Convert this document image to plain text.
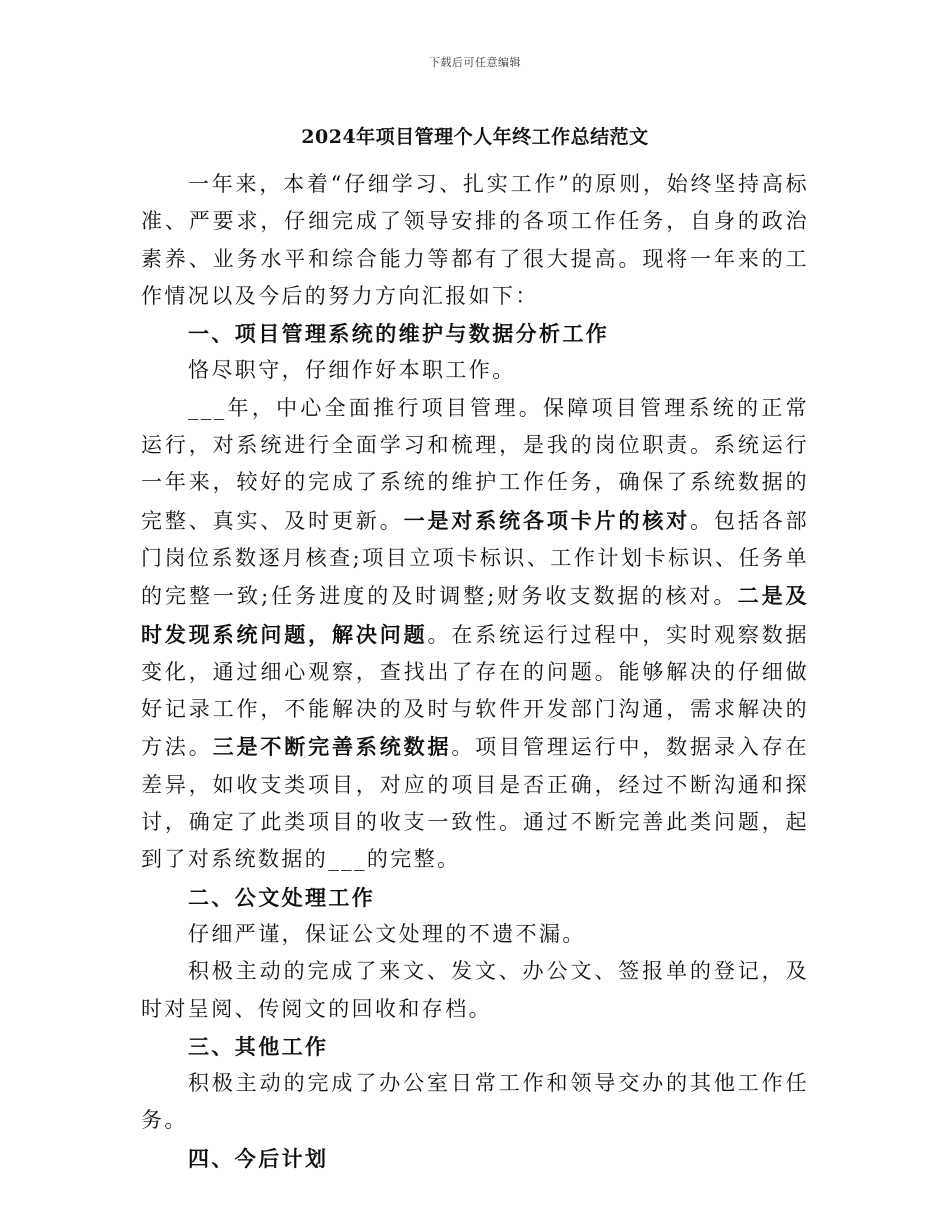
下载后可任意编辑
2024年项目管理个人年终工作总结范文

一年来，本着“仔细学习、扎实工作”的原则，始终坚持高标准、严要求，仔细完成了领导安排的各项工作任务，自身的政治素养、业务水平和综合能力等都有了很大提高。现将一年来的工作情况以及今后的努力方向汇报如下：

一、项目管理系统的维护与数据分析工作

恪尽职守，仔细作好本职工作。

___年，中心全面推行项目管理。保障项目管理系统的正常运行，对系统进行全面学习和梳理，是我的岗位职责。系统运行一年来，较好的完成了系统的维护工作任务，确保了系统数据的完整、真实、及时更新。一是对系统各项卡片的核对。包括各部门岗位系数逐月核查;项目立项卡标识、工作计划卡标识、任务单的完整一致;任务进度的及时调整;财务收支数据的核对。二是及时发现系统问题，解决问题。在系统运行过程中，实时观察数据变化，通过细心观察，查找出了存在的问题。能够解决的仔细做好记录工作，不能解决的及时与软件开发部门沟通，需求解决的方法。三是不断完善系统数据。项目管理运行中，数据录入存在差异，如收支类项目，对应的项目是否正确，经过不断沟通和探讨，确定了此类项目的收支一致性。通过不断完善此类问题，起到了对系统数据的___的完整。

二、公文处理工作

仔细严谨，保证公文处理的不遗不漏。

积极主动的完成了来文、发文、办公文、签报单的登记，及时对呈阅、传阅文的回收和存档。

三、其他工作

积极主动的完成了办公室日常工作和领导交办的其他工作任务。

四、今后计划
